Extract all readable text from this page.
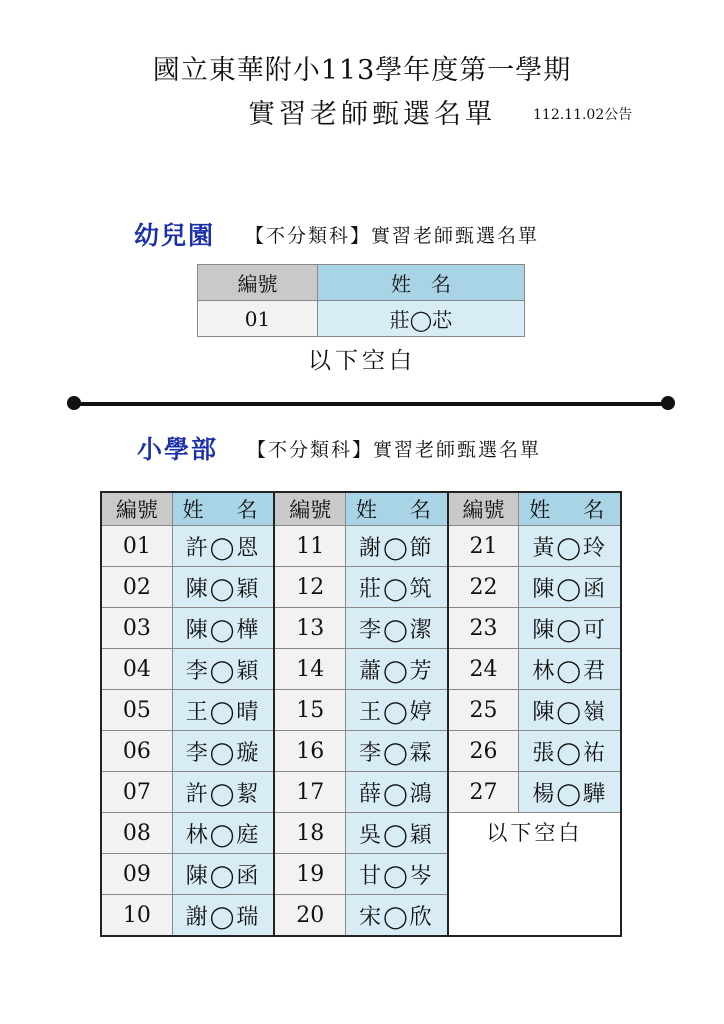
國立東華附小113學年度第一學期
實習老師甄選名單	112.11.02公告
幼兒園 【不分類科】實習老師甄選名單
編號	姓　名
01	莊◯芯
以下空白
小學部 【不分類科】實習老師甄選名單
編號	姓　名	編號	姓　名	編號	姓　名
01	許◯恩	11	謝◯節	21	黃◯玲
02	陳◯穎	12	莊◯筑	22	陳◯函
03	陳◯樺	13	李◯潔	23	陳◯可
04	李◯穎	14	蕭◯芳	24	林◯君
05	王◯晴	15	王◯婷	25	陳◯嶺
06	李◯璇	16	李◯霖	26	張◯祐
07	許◯絜	17	薛◯鴻	27	楊◯驊
08	林◯庭	18	吳◯穎	以下空白	
09	陳◯函	19	甘◯岑		
10	謝◯瑞	20	宋◯欣		
